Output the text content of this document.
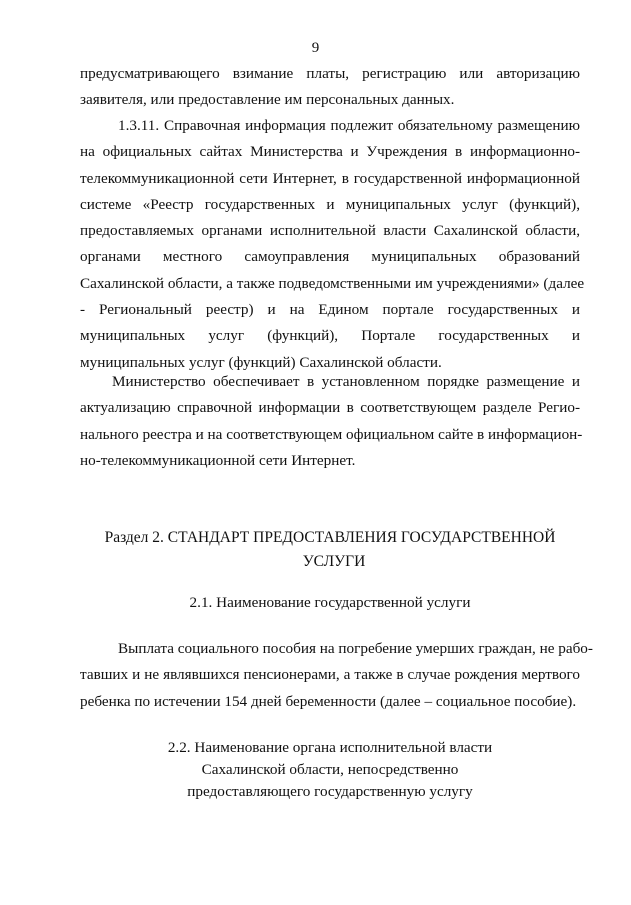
9
предусматривающего взимание платы, регистрацию или авторизацию
заявителя, или предоставление им персональных данных.
1.3.11. Справочная информация подлежит обязательному размещению
на официальных сайтах Министерства и Учреждения в информационно-
телекоммуникационной сети Интернет, в государственной информационной
системе «Реестр государственных и муниципальных услуг (функций),
предоставляемых органами исполнительной власти Сахалинской области,
органами местного самоуправления муниципальных образований
Сахалинской области, а также подведомственными им учреждениями» (далее
- Региональный реестр) и на Едином портале государственных и
муниципальных услуг (функций), Портале государственных и
муниципальных услуг (функций) Сахалинской области.
Министерство обеспечивает в установленном порядке размещение и
актуализацию справочной информации в соответствующем разделе Регио-
нального реестра и на соответствующем официальном сайте в информацион-
но-телекоммуникационной сети Интернет.
Раздел 2. СТАНДАРТ ПРЕДОСТАВЛЕНИЯ ГОСУДАРСТВЕННОЙ
УСЛУГИ
2.1. Наименование государственной услуги
Выплата социального пособия на погребение умерших граждан, не рабо-
тавших и не являвшихся пенсионерами, а также в случае рождения мертвого
ребенка по истечении 154 дней беременности (далее – социальное пособие).
2.2. Наименование органа исполнительной власти
Сахалинской области, непосредственно
предоставляющего государственную услугу
